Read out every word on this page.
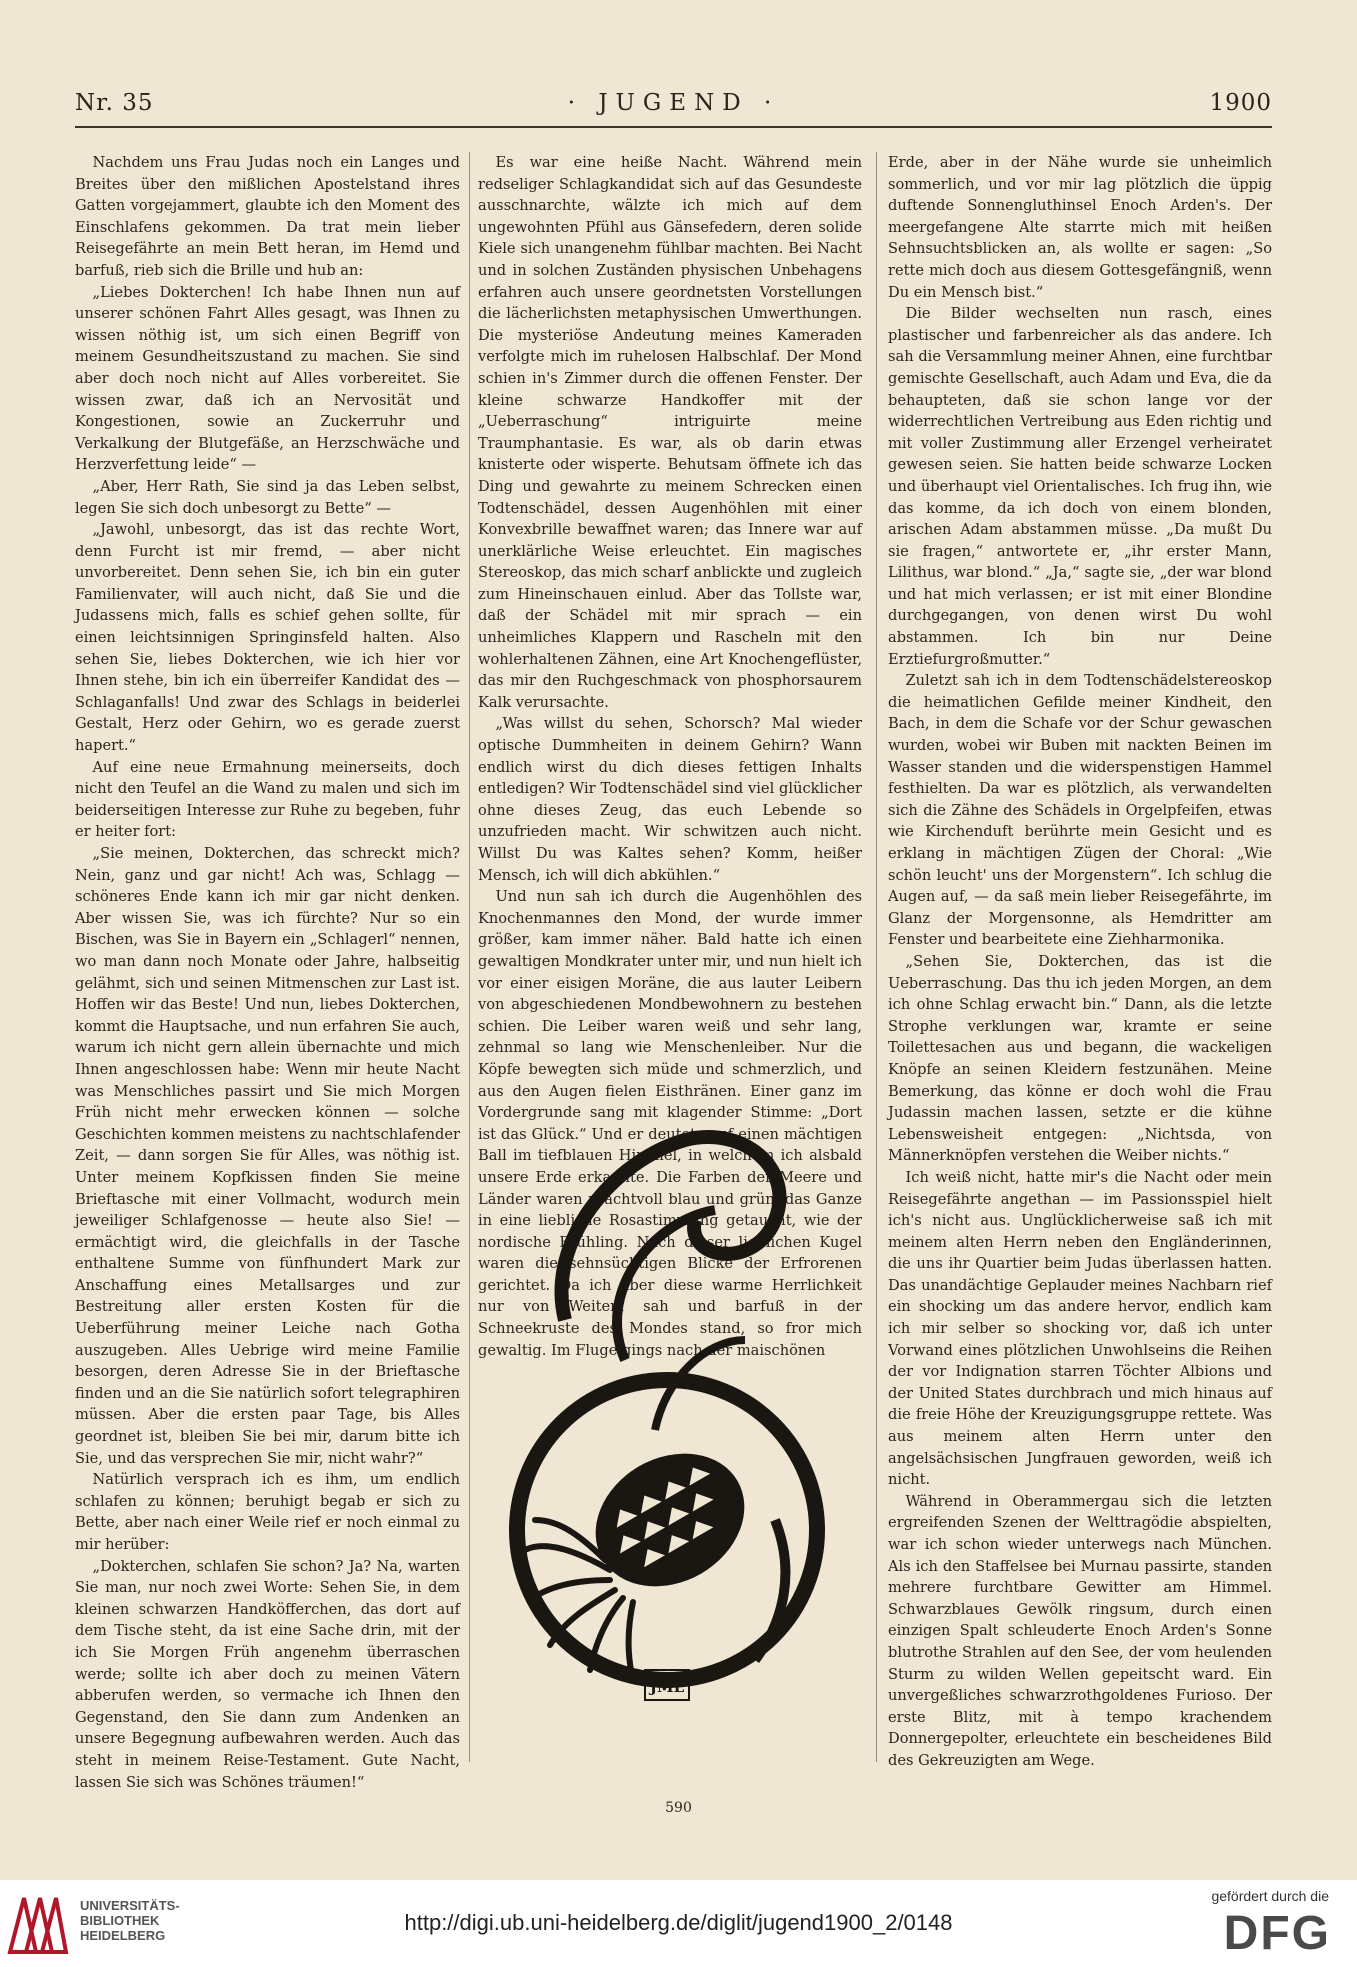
Nr. 35	· JUGEND ·	1900

Nachdem uns Frau Judas noch ein Langes und Breites über den mißlichen Apostelstand ihres Gatten vorgejammert, glaubte ich den Moment des Einschlafens gekommen. Da trat mein lieber Reisegefährte an mein Bett heran, im Hemd und barfuß, rieb sich die Brille und hub an:

„Liebes Dokterchen! Ich habe Ihnen nun auf unserer schönen Fahrt Alles gesagt, was Ihnen zu wissen nöthig ist, um sich einen Begriff von meinem Gesundheitszustand zu machen. Sie sind aber doch noch nicht auf Alles vorbereitet. Sie wissen zwar, daß ich an Nervosität und Kongestionen, sowie an Zuckerruhr und Verkalkung der Blutgefäße, an Herzschwäche und Herzverfettung leide“ —

„Aber, Herr Rath, Sie sind ja das Leben selbst, legen Sie sich doch unbesorgt zu Bette“ —

„Jawohl, unbesorgt, das ist das rechte Wort, denn Furcht ist mir fremd, — aber nicht unvorbereitet. Denn sehen Sie, ich bin ein guter Familienvater, will auch nicht, daß Sie und die Judassens mich, falls es schief gehen sollte, für einen leichtsinnigen Springinsfeld halten. Also sehen Sie, liebes Dokterchen, wie ich hier vor Ihnen stehe, bin ich ein überreifer Kandidat des — Schlaganfalls! Und zwar des Schlags in beiderlei Gestalt, Herz oder Gehirn, wo es gerade zuerst hapert.“

Auf eine neue Ermahnung meinerseits, doch nicht den Teufel an die Wand zu malen und sich im beiderseitigen Interesse zur Ruhe zu begeben, fuhr er heiter fort:

„Sie meinen, Dokterchen, das schreckt mich? Nein, ganz und gar nicht! Ach was, Schlagg — schöneres Ende kann ich mir gar nicht denken. Aber wissen Sie, was ich fürchte? Nur so ein Bischen, was Sie in Bayern ein „Schlagerl“ nennen, wo man dann noch Monate oder Jahre, halbseitig gelähmt, sich und seinen Mitmenschen zur Last ist. Hoffen wir das Beste! Und nun, liebes Dokterchen, kommt die Hauptsache, und nun erfahren Sie auch, warum ich nicht gern allein übernachte und mich Ihnen angeschlossen habe: Wenn mir heute Nacht was Menschliches passirt und Sie mich Morgen Früh nicht mehr erwecken können — solche Geschichten kommen meistens zu nachtschlafender Zeit, — dann sorgen Sie für Alles, was nöthig ist. Unter meinem Kopfkissen finden Sie meine Brieftasche mit einer Vollmacht, wodurch mein jeweiliger Schlafgenosse — heute also Sie! — ermächtigt wird, die gleichfalls in der Tasche enthaltene Summe von fünfhundert Mark zur Anschaffung eines Metallsarges und zur Bestreitung aller ersten Kosten für die Ueberführung meiner Leiche nach Gotha auszugeben. Alles Uebrige wird meine Familie besorgen, deren Adresse Sie in der Brieftasche finden und an die Sie natürlich sofort telegraphiren müssen. Aber die ersten paar Tage, bis Alles geordnet ist, bleiben Sie bei mir, darum bitte ich Sie, und das versprechen Sie mir, nicht wahr?“

Natürlich versprach ich es ihm, um endlich schlafen zu können; beruhigt begab er sich zu Bette, aber nach einer Weile rief er noch einmal zu mir herüber:

„Dokterchen, schlafen Sie schon? Ja? Na, warten Sie man, nur noch zwei Worte: Sehen Sie, in dem kleinen schwarzen Handköfferchen, das dort auf dem Tische steht, da ist eine Sache drin, mit der ich Sie Morgen Früh angenehm überraschen werde; sollte ich aber doch zu meinen Vätern abberufen werden, so vermache ich Ihnen den Gegenstand, den Sie dann zum Andenken an unsere Begegnung aufbewahren werden. Auch das steht in meinem Reise-Testament. Gute Nacht, lassen Sie sich was Schönes träumen!“

Es war eine heiße Nacht. Während mein redseliger Schlagkandidat sich auf das Gesundeste ausschnarchte, wälzte ich mich auf dem ungewohnten Pfühl aus Gänsefedern, deren solide Kiele sich unangenehm fühlbar machten. Bei Nacht und in solchen Zuständen physischen Unbehagens erfahren auch unsere geordnetsten Vorstellungen die lächerlichsten metaphysischen Umwerthungen. Die mysteriöse Andeutung meines Kameraden verfolgte mich im ruhelosen Halbschlaf. Der Mond schien in's Zimmer durch die offenen Fenster. Der kleine schwarze Handkoffer mit der „Ueberraschung“ intriguirte meine Traumphantasie. Es war, als ob darin etwas knisterte oder wisperte. Behutsam öffnete ich das Ding und gewahrte zu meinem Schrecken einen Todtenschädel, dessen Augenhöhlen mit einer Konvexbrille bewaffnet waren; das Innere war auf unerklärliche Weise erleuchtet. Ein magisches Stereoskop, das mich scharf anblickte und zugleich zum Hineinschauen einlud. Aber das Tollste war, daß der Schädel mit mir sprach — ein unheimliches Klappern und Rascheln mit den wohlerhaltenen Zähnen, eine Art Knochengeflüster, das mir den Ruchgeschmack von phosphorsaurem Kalk verursachte.

„Was willst du sehen, Schorsch? Mal wieder optische Dummheiten in deinem Gehirn? Wann endlich wirst du dich dieses fettigen Inhalts entledigen? Wir Todtenschädel sind viel glücklicher ohne dieses Zeug, das euch Lebende so unzufrieden macht. Wir schwitzen auch nicht. Willst Du was Kaltes sehen? Komm, heißer Mensch, ich will dich abkühlen.“

Und nun sah ich durch die Augenhöhlen des Knochenmannes den Mond, der wurde immer größer, kam immer näher. Bald hatte ich einen gewaltigen Mondkrater unter mir, und nun hielt ich vor einer eisigen Moräne, die aus lauter Leibern von abgeschiedenen Mondbewohnern zu bestehen schien. Die Leiber waren weiß und sehr lang, zehnmal so lang wie Menschenleiber. Nur die Köpfe bewegten sich müde und schmerzlich, und aus den Augen fielen Eisthränen. Einer ganz im Vordergrunde sang mit klagender Stimme: „Dort ist das Glück.“ Und er deutete auf einen mächtigen Ball im tiefblauen Himmel, in welchem ich alsbald unsere Erde erkannte. Die Farben der Meere und Länder waren prachtvoll blau und grün, das Ganze in eine liebliche Rosastimmung getaucht, wie der nordische Frühling. Nach dieser lieblichen Kugel waren die sehnsüchtigen Blicke der Erfrorenen gerichtet. Da ich aber diese warme Herrlichkeit nur von Weitem sah und barfuß in der Schneekruste des Mondes stand, so fror mich gewaltig. Im Fluge gings nach der maischönen

JML

Erde, aber in der Nähe wurde sie unheimlich sommerlich, und vor mir lag plötzlich die üppig duftende Sonnengluthinsel Enoch Arden's. Der meergefangene Alte starrte mich mit heißen Sehnsuchtsblicken an, als wollte er sagen: „So rette mich doch aus diesem Gottesgefängniß, wenn Du ein Mensch bist.“

Die Bilder wechselten nun rasch, eines plastischer und farbenreicher als das andere. Ich sah die Versammlung meiner Ahnen, eine furchtbar gemischte Gesellschaft, auch Adam und Eva, die da behaupteten, daß sie schon lange vor der widerrechtlichen Vertreibung aus Eden richtig und mit voller Zustimmung aller Erzengel verheiratet gewesen seien. Sie hatten beide schwarze Locken und überhaupt viel Orientalisches. Ich frug ihn, wie das komme, da ich doch von einem blonden, arischen Adam abstammen müsse. „Da mußt Du sie fragen,“ antwortete er, „ihr erster Mann, Lilithus, war blond.“ „Ja,“ sagte sie, „der war blond und hat mich verlassen; er ist mit einer Blondine durchgegangen, von denen wirst Du wohl abstammen. Ich bin nur Deine Erztiefurgroßmutter.“

Zuletzt sah ich in dem Todtenschädelstereoskop die heimatlichen Gefilde meiner Kindheit, den Bach, in dem die Schafe vor der Schur gewaschen wurden, wobei wir Buben mit nackten Beinen im Wasser standen und die widerspenstigen Hammel festhielten. Da war es plötzlich, als verwandelten sich die Zähne des Schädels in Orgelpfeifen, etwas wie Kirchenduft berührte mein Gesicht und es erklang in mächtigen Zügen der Choral: „Wie schön leucht' uns der Morgenstern“. Ich schlug die Augen auf, — da saß mein lieber Reisegefährte, im Glanz der Morgensonne, als Hemdritter am Fenster und bearbeitete eine Ziehharmonika.

„Sehen Sie, Dokterchen, das ist die Ueberraschung. Das thu ich jeden Morgen, an dem ich ohne Schlag erwacht bin.“ Dann, als die letzte Strophe verklungen war, kramte er seine Toilettesachen aus und begann, die wackeligen Knöpfe an seinen Kleidern festzunähen. Meine Bemerkung, das könne er doch wohl die Frau Judassin machen lassen, setzte er die kühne Lebensweisheit entgegen: „Nichtsda, von Männerknöpfen verstehen die Weiber nichts.“

Ich weiß nicht, hatte mir's die Nacht oder mein Reisegefährte angethan — im Passionsspiel hielt ich's nicht aus. Unglücklicherweise saß ich mit meinem alten Herrn neben den Engländerinnen, die uns ihr Quartier beim Judas überlassen hatten. Das unandächtige Geplauder meines Nachbarn rief ein shocking um das andere hervor, endlich kam ich mir selber so shocking vor, daß ich unter Vorwand eines plötzlichen Unwohlseins die Reihen der vor Indignation starren Töchter Albions und der United States durchbrach und mich hinaus auf die freie Höhe der Kreuzigungsgruppe rettete. Was aus meinem alten Herrn unter den angelsächsischen Jungfrauen geworden, weiß ich nicht.

Während in Oberammergau sich die letzten ergreifenden Szenen der Welttragödie abspielten, war ich schon wieder unterwegs nach München. Als ich den Staffelsee bei Murnau passirte, standen mehrere furchtbare Gewitter am Himmel. Schwarzblaues Gewölk ringsum, durch einen einzigen Spalt schleuderte Enoch Arden's Sonne blutrothe Strahlen auf den See, der vom heulenden Sturm zu wilden Wellen gepeitscht ward. Ein unvergeßliches schwarzrothgoldenes Furioso. Der erste Blitz, mit à tempo krachendem Donnergepolter, erleuchtete ein bescheidenes Bild des Gekreuzigten am Wege.

590
UNIVERSITÄTS-
BIBLIOTHEK
HEIDELBERG
http://digi.ub.uni-heidelberg.de/diglit/jugend1900_2/0148
gefördert durch die
DFG
